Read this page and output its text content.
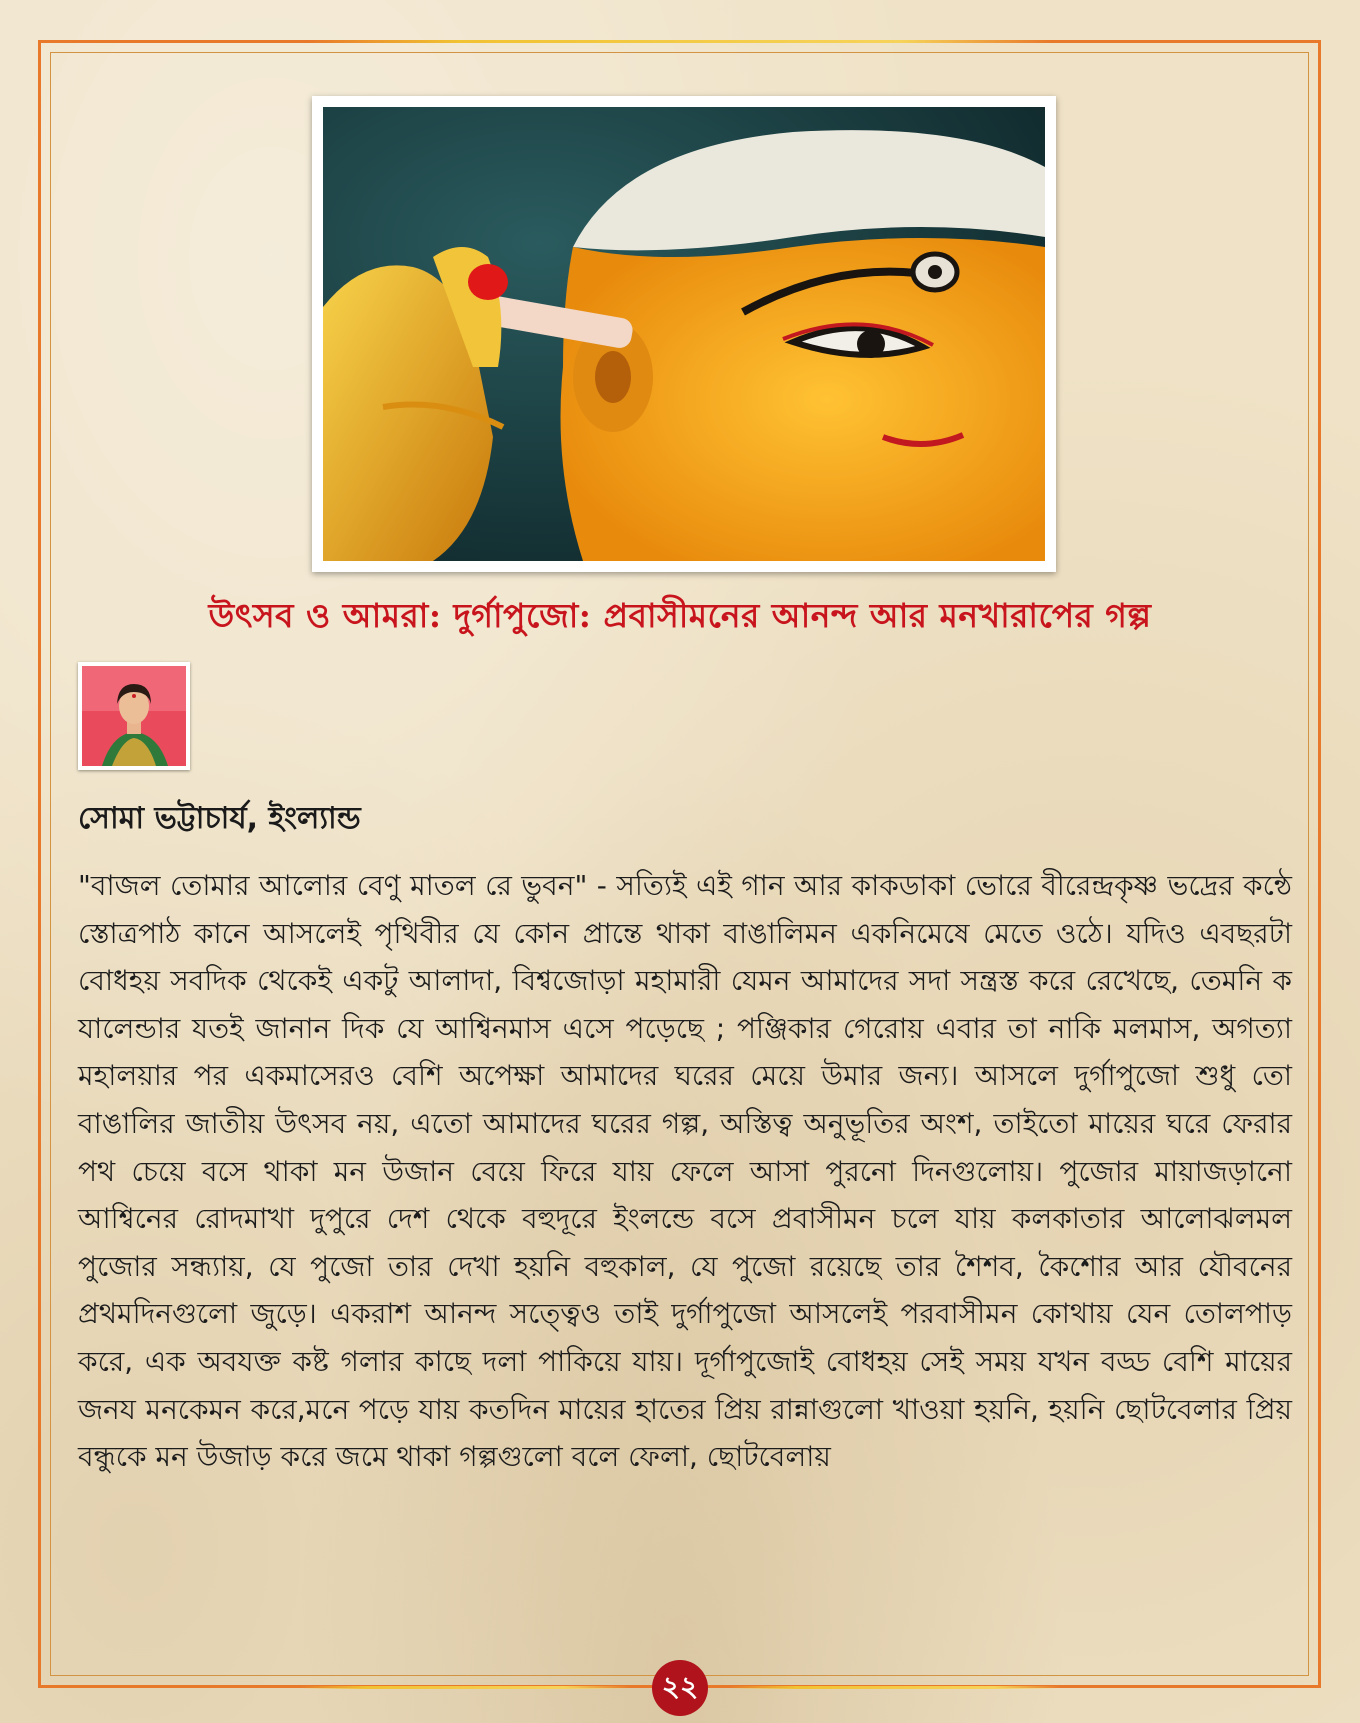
উৎসব ও আমরা: দুর্গাপুজো: প্রবাসীমনের আনন্দ আর মনখারাপের গল্প
সোমা ভট্টাচার্য, ইংল্যান্ড
"বাজল তোমার আলোর বেণু মাতল রে ভুবন" - সত্যিই এই গান আর কাকডাকা ভোরে বীরেন্দ্রকৃষ্ণ ভদ্রের কন্ঠে স্তোত্রপাঠ কানে আসলেই পৃথিবীর যে কোন প্রান্তে থাকা বাঙালিমন একনিমেষে মেতে ওঠে। যদিও এবছরটা বোধহয় সবদিক থেকেই একটু আলাদা, বিশ্বজোড়া মহামারী যেমন আমাদের সদা সন্ত্রস্ত করে রেখেছে, তেমনি ক যালেন্ডার যতই জানান দিক যে আশ্বিনমাস এসে পড়েছে ; পঞ্জিকার গেরোয় এবার তা নাকি মলমাস, অগত্যা মহালয়ার পর একমাসেরও বেশি অপেক্ষা আমাদের ঘরের মেয়ে উমার জন্য। আসলে দুর্গাপুজো শুধু তো বাঙালির জাতীয় উৎসব নয়, এতো আমাদের ঘরের গল্প, অস্তিত্ব অনুভূতির অংশ, তাইতো মায়ের ঘরে ফেরার পথ চেয়ে বসে থাকা মন উজান বেয়ে ফিরে যায় ফেলে আসা পুরনো দিনগুলোয়। পুজোর মায়াজড়ানো আশ্বিনের রোদমাখা দুপুরে দেশ থেকে বহুদূরে ইংলন্ডে বসে প্রবাসীমন চলে যায় কলকাতার আলোঝলমল পুজোর সন্ধ্যায়, যে পুজো তার দেখা হয়নি বহুকাল, যে পুজো রয়েছে তার শৈশব, কৈশোর আর যৌবনের প্রথমদিনগুলো জুড়ে। একরাশ আনন্দ সত্ত্বেও তাই দুর্গাপুজো আসলেই পরবাসীমন কোথায় যেন তোলপাড় করে, এক অবযক্ত কষ্ট গলার কাছে দলা পাকিয়ে যায়। দূর্গাপুজোই বোধহয় সেই সময় যখন বড্ড বেশি মায়ের জনয মনকেমন করে,মনে পড়ে যায় কতদিন মায়ের হাতের প্রিয় রান্নাগুলো খাওয়া হয়নি, হয়নি ছোটবেলার প্রিয় বন্ধুকে মন উজাড় করে জমে থাকা গল্পগুলো বলে ফেলা, ছোটবেলায়
২২
